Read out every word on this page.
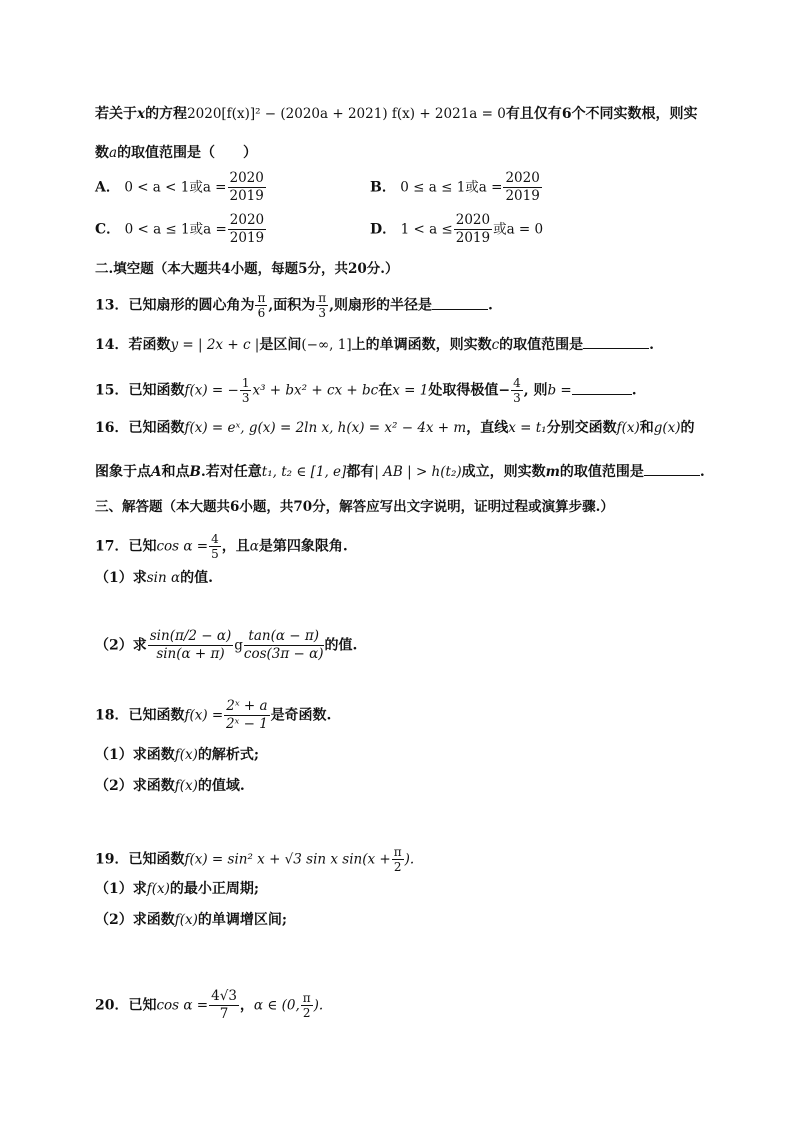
若关于x的方程2020[f(x)]² − (2020a + 2021) f(x) + 2021a = 0有且仅有6个不同实数根，则实
数a的取值范围是（　　）
A． 0 < a < 1或$a = \frac{2020}{2019}$	B． 0 ≤ a ≤ 1或$a = \frac{2020}{2019}$
C． 0 < a ≤ 1或$a = \frac{2020}{2019}$	D． $1 < a \le \frac{2020}{2019}$ 或a = 0
二.填空题（本大题共4小题，每题5分，共20分.）
13．已知扇形的圆心角为 $\frac{\pi}{6}$ ,面积为 $\frac{\pi}{3}$ ,则扇形的半径是	.
14．若函数y = | 2x + c |是区间(−∞, 1]上的单调函数，则实数c的取值范围是	.
15．已知函数f(x) = − $\frac{1}{3} x^3 + bx^2$ + cx + bc在x = 1处取得极值− $\frac{4}{3}$ , 则b =	.
16．已知函数f(x) = eˣ, g(x) = 2ln x, h(x) = x² − 4x + m，直线x = t₁分别交函数f(x)和g(x)的
图象于点A和点B.若对任意t₁, t₂ ∈ [1, e]都有| AB | > h(t₂)成立，则实数m的取值范围是	.
三、解答题（本大题共6小题，共70分，解答应写出文字说明，证明过程或演算步骤.）
17．已知$\cos \alpha = \frac{4}{5}$ ，且α是第四象限角.
（1）求sin α的值.
（2）求 $\frac{\sin(\pi/2 - \alpha)}{\sin(\alpha + \pi)}$ g $\frac{\tan(\alpha - \pi)}{\cos(3\pi - \alpha)}$ 的值.
18．已知函数$f(x) = \frac{\text{2ˣ + a}}{\text{2ˣ − 1}}$ 是奇函数.
（1）求函数f(x)的解析式;
（2）求函数f(x)的值域.
19．已知函数f(x) = sin² x + √3 sin x $\sin(x + \frac{\pi}{2}$ ).
（1）求f(x)的最小正周期;
（2）求函数f(x)的单调增区间;
20．已知$\cos \alpha = \frac{4√3}{7}$ ，α ∈ (0, $\frac{\pi}{2}$ ).
